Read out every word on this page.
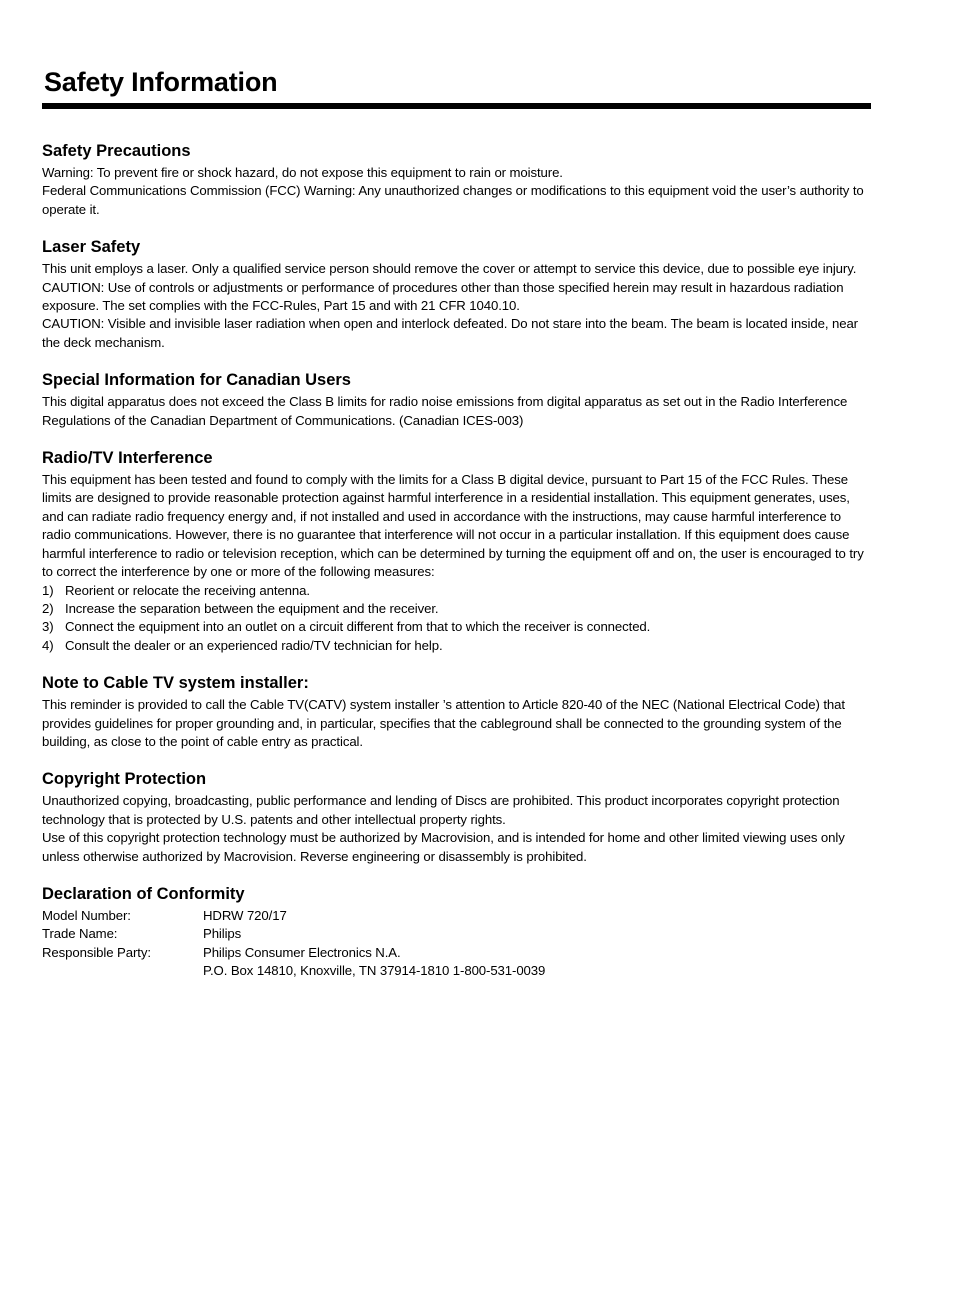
Safety Information
Safety Precautions

Warning: To prevent fire or shock hazard, do not expose this equipment to rain or moisture.

Federal Communications Commission (FCC) Warning: Any unauthorized changes or modifications to this equipment void the user’s authority to operate it.

Laser Safety

This unit employs a laser. Only a qualified service person should remove the cover or attempt to service this device, due to possible eye injury.

CAUTION: Use of controls or adjustments or performance of procedures other than those specified herein may result in hazardous radiation exposure. The set complies with the FCC-Rules, Part 15 and with 21 CFR 1040.10.

CAUTION: Visible and invisible laser radiation when open and interlock defeated. Do not stare into the beam. The beam is located inside, near the deck mechanism.

Special Information for Canadian Users

This digital apparatus does not exceed the Class B limits for radio noise emissions from digital apparatus as set out in the Radio Interference Regulations of the Canadian Department of Communications. (Canadian ICES-003)

Radio/TV Interference

This equipment has been tested and found to comply with the limits for a Class B digital device, pursuant to Part 15 of the FCC Rules. These limits are designed to provide reasonable protection against harmful interference in a residential installation. This equipment generates, uses, and can radiate radio frequency energy and, if not installed and used in accordance with the instructions, may cause harmful interference to radio communications. However, there is no guarantee that interference will not occur in a particular installation. If this equipment does cause harmful interference to radio or television reception, which can be determined by turning the equipment off and on, the user is encouraged to try to correct the interference by one or more of the following measures:

1) Reorient or relocate the receiving antenna.
2) Increase the separation between the equipment and the receiver.
3) Connect the equipment into an outlet on a circuit different from that to which the receiver is connected.
4) Consult the dealer or an experienced radio/TV technician for help.
Note to Cable TV system installer:

This reminder is provided to call the Cable TV(CATV) system installer ’s attention to Article 820-40 of the NEC (National Electrical Code) that provides guidelines for proper grounding and, in particular, specifies that the cableground shall be connected to the grounding system of the building, as close to the point of cable entry as practical.

Copyright Protection

Unauthorized copying, broadcasting, public performance and lending of Discs are prohibited. This product incorporates copyright protection technology that is protected by U.S. patents and other intellectual property rights.

Use of this copyright protection technology must be authorized by Macrovision, and is intended for home and other limited viewing uses only unless otherwise authorized by Macrovision. Reverse engineering or disassembly is prohibited.

Declaration of Conformity
Model Number:	HDRW 720/17
Trade Name:	Philips
Responsible Party:	Philips Consumer Electronics N.A.
P.O. Box 14810, Knoxville, TN 37914-1810 1-800-531-0039
